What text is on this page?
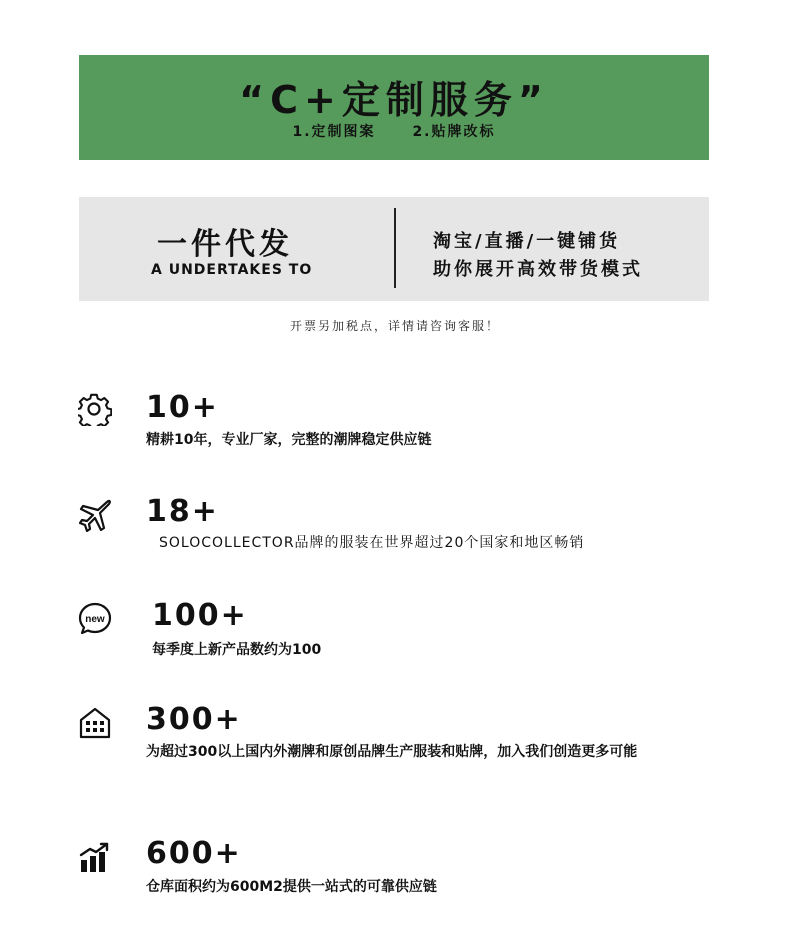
“C+定制服务”
1.定制图案	2.贴牌改标
一件代发
A UNDERTAKES TO
淘宝/直播/一键铺货
助你展开高效带货模式
开票另加税点，详情请咨询客服！
10+
精耕10年，专业厂家，完整的潮牌稳定供应链
18+
SOLOCOLLECTOR品牌的服装在世界超过20个国家和地区畅销
new 100+
每季度上新产品数约为100
300+
为超过300以上国内外潮牌和原创品牌生产服装和贴牌，加入我们创造更多可能
600+
仓库面积约为600M2提供一站式的可靠供应链
